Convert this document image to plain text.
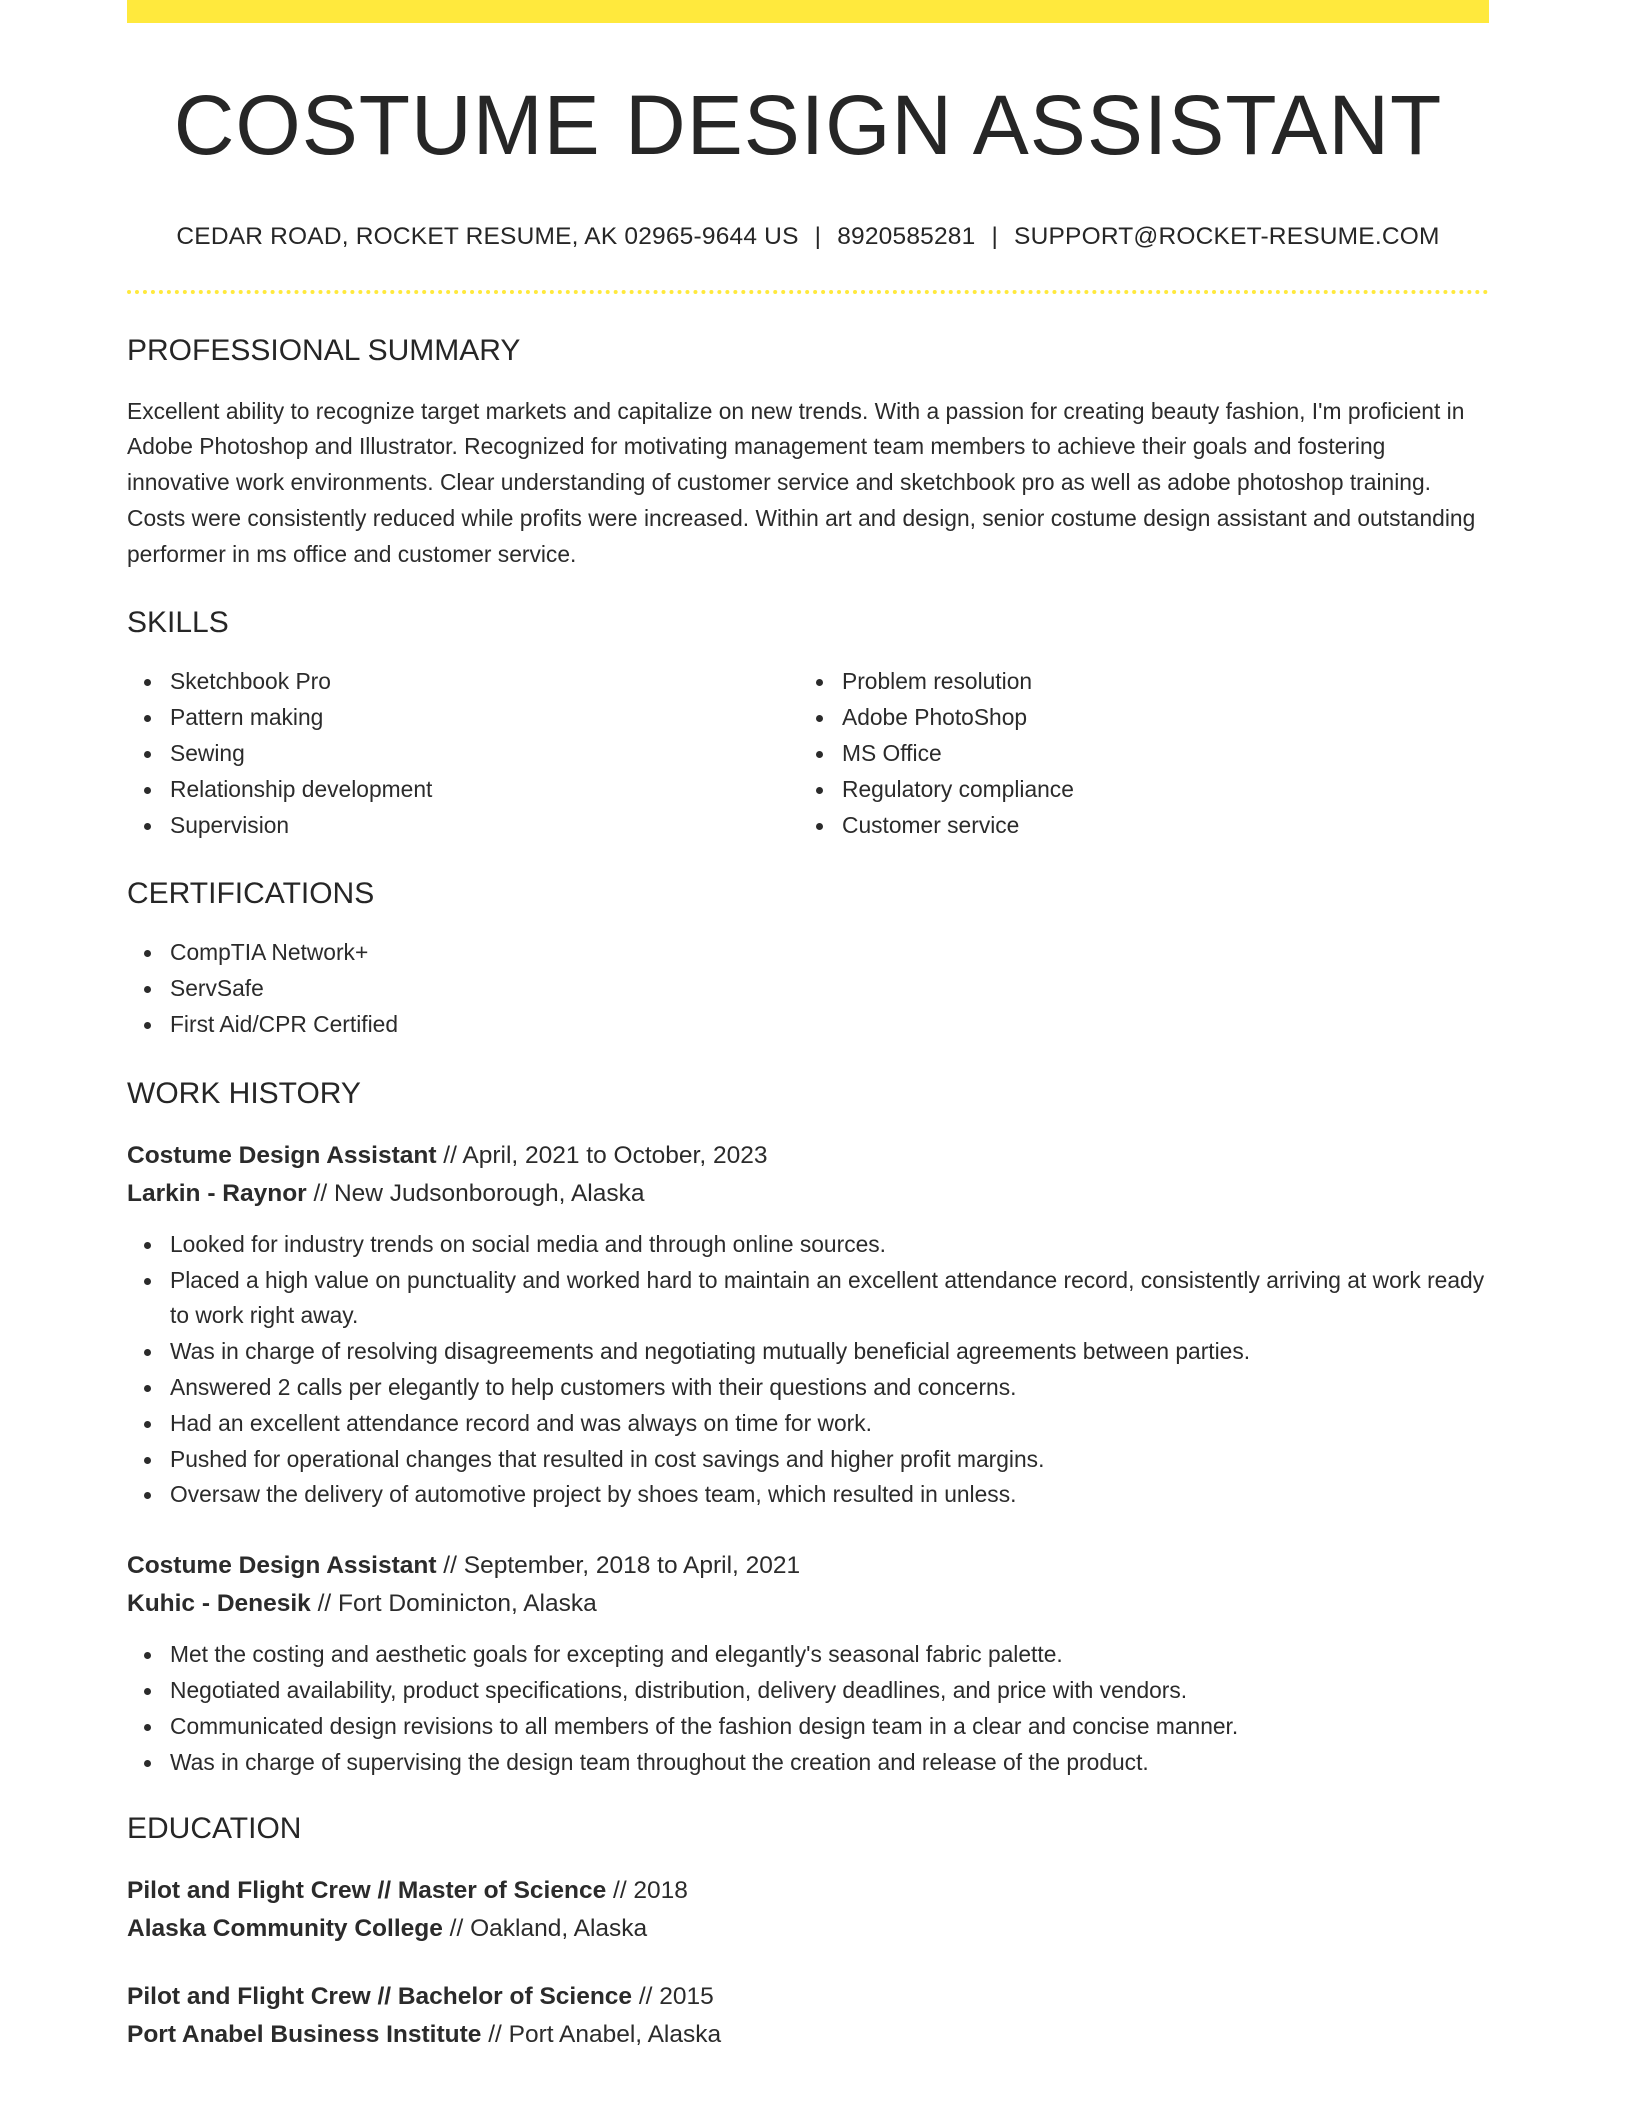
COSTUME DESIGN ASSISTANT
CEDAR ROAD, ROCKET RESUME, AK 02965-9644 US | 8920585281 | SUPPORT@ROCKET-RESUME.COM
PROFESSIONAL SUMMARY

Excellent ability to recognize target markets and capitalize on new trends. With a passion for creating beauty fashion, I'm proficient in Adobe Photoshop and Illustrator. Recognized for motivating management team members to achieve their goals and fostering innovative work environments. Clear understanding of customer service and sketchbook pro as well as adobe photoshop training. Costs were consistently reduced while profits were increased. Within art and design, senior costume design assistant and outstanding performer in ms office and customer service.

SKILLS
Sketchbook Pro
Pattern making
Sewing
Relationship development
Supervision
Problem resolution
Adobe PhotoShop
MS Office
Regulatory compliance
Customer service
CERTIFICATIONS
CompTIA Network+
ServSafe
First Aid/CPR Certified
WORK HISTORY
Costume Design Assistant // April, 2021 to October, 2023
Larkin - Raynor // New Judsonborough, Alaska
Looked for industry trends on social media and through online sources.
Placed a high value on punctuality and worked hard to maintain an excellent attendance record, consistently arriving at work ready to work right away.
Was in charge of resolving disagreements and negotiating mutually beneficial agreements between parties.
Answered 2 calls per elegantly to help customers with their questions and concerns.
Had an excellent attendance record and was always on time for work.
Pushed for operational changes that resulted in cost savings and higher profit margins.
Oversaw the delivery of automotive project by shoes team, which resulted in unless.
Costume Design Assistant // September, 2018 to April, 2021
Kuhic - Denesik // Fort Dominicton, Alaska
Met the costing and aesthetic goals for excepting and elegantly's seasonal fabric palette.
Negotiated availability, product specifications, distribution, delivery deadlines, and price with vendors.
Communicated design revisions to all members of the fashion design team in a clear and concise manner.
Was in charge of supervising the design team throughout the creation and release of the product.
EDUCATION
Pilot and Flight Crew // Master of Science // 2018
Alaska Community College // Oakland, Alaska
Pilot and Flight Crew // Bachelor of Science // 2015
Port Anabel Business Institute // Port Anabel, Alaska
